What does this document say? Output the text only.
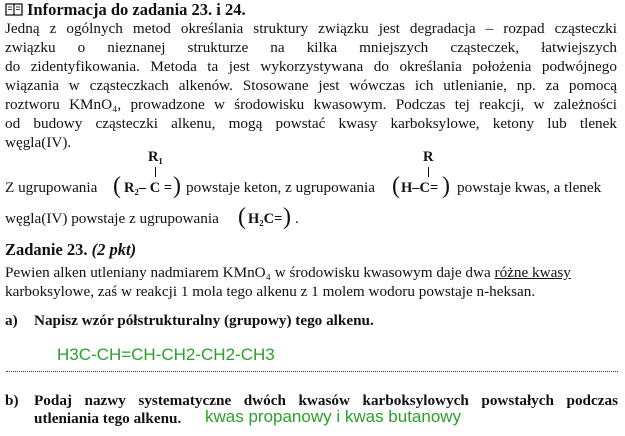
Informacja do zadania 23. i 24.
Jedną z ogólnych metod określania struktury związku jest degradacja – rozpad cząsteczki
związku o nieznanej strukturze na kilka mniejszych cząsteczek, łatwiejszych
do zidentyfikowania. Metoda ta jest wykorzystywana do określania położenia podwójnego
wiązania w cząsteczkach alkenów. Stosowane jest wówczas ich utlenianie, np. za pomocą
roztworu KMnO₄, prowadzone w środowisku kwasowym. Podczas tej reakcji, w zależności
od budowy cząsteczki alkenu, mogą powstać kwasy karboksylowe, ketony lub tlenek
węgla(IV).
Z ugrupowania ( R₂– C =
R₁
) powstaje keton, z ugrupowania ( H–C=
R
) powstaje kwas, a tlenek
węgla(IV) powstaje z ugrupowania ( H₂C= ) .
Zadanie 23. (2 pkt)
Pewien alken utleniany nadmiarem KMnO₄ w środowisku kwasowym daje dwa różne kwasy
karboksylowe, zaś w reakcji 1 mola tego alkenu z 1 molem wodoru powstaje n-heksan.
a) Napisz wzór półstrukturalny (grupowy) tego alkenu.
H3C-CH=CH-CH2-CH2-CH3
b) Podaj nazwy systematyczne dwóch kwasów karboksylowych powstałych podczas
utleniania tego alkenu. kwas propanowy i kwas butanowy
